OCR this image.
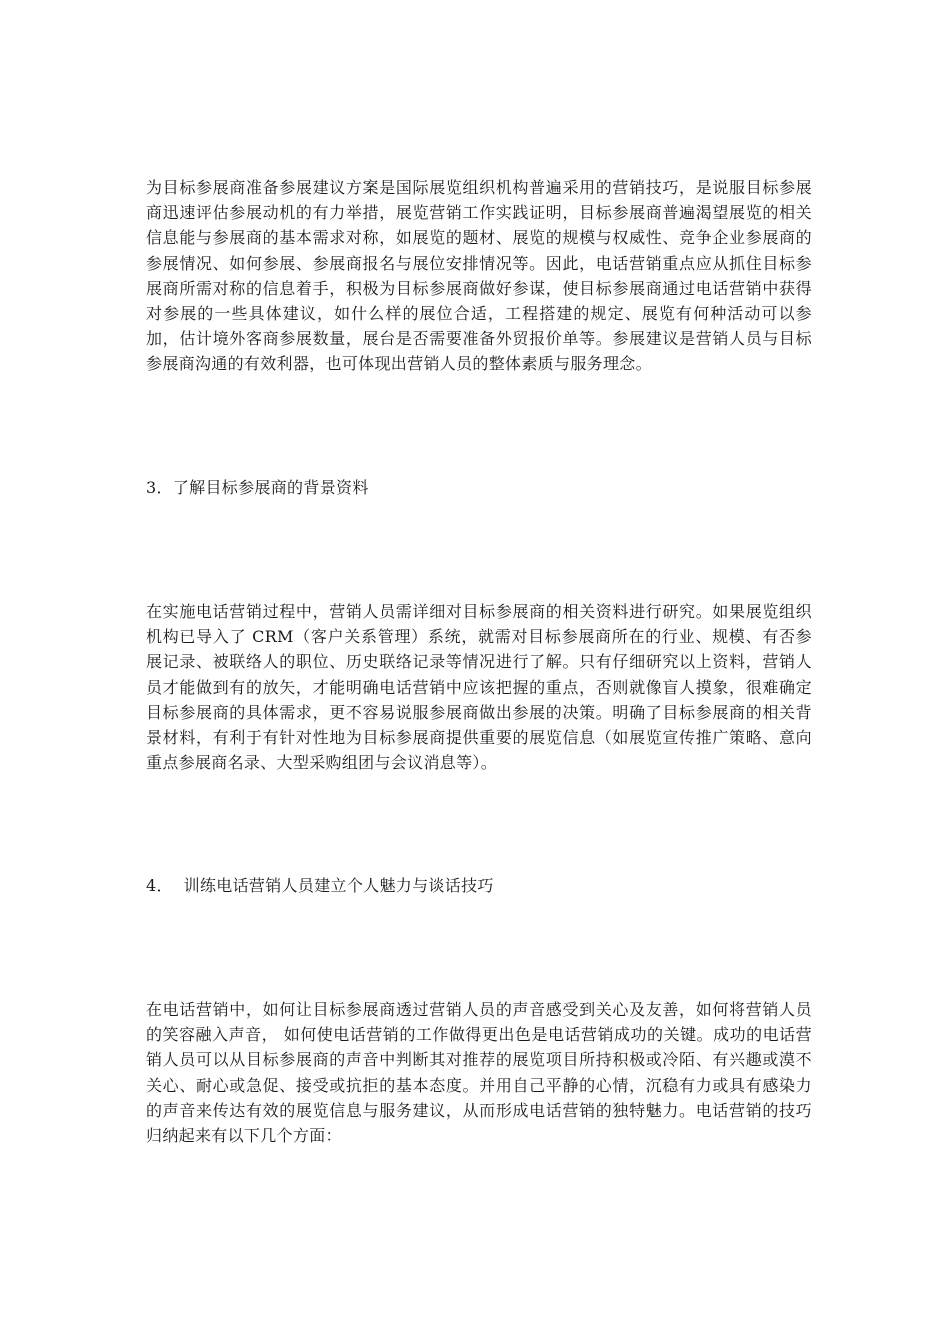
为目标参展商准备参展建议方案是国际展览组织机构普遍采用的营销技巧，是说服目标参展商迅速评估参展动机的有力举措，展览营销工作实践证明，目标参展商普遍渴望展览的相关信息能与参展商的基本需求对称，如展览的题材、展览的规模与权威性、竞争企业参展商的参展情况、如何参展、参展商报名与展位安排情况等。因此，电话营销重点应从抓住目标参展商所需对称的信息着手，积极为目标参展商做好参谋，使目标参展商通过电话营销中获得对参展的一些具体建议，如什么样的展位合适，工程搭建的规定、展览有何种活动可以参加，估计境外客商参展数量，展台是否需要准备外贸报价单等。参展建议是营销人员与目标参展商沟通的有效利器，也可体现出营销人员的整体素质与服务理念。

3．了解目标参展商的背景资料

在实施电话营销过程中，营销人员需详细对目标参展商的相关资料进行研究。如果展览组织机构已导入了 CRM（客户关系管理）系统，就需对目标参展商所在的行业、规模、有否参展记录、被联络人的职位、历史联络记录等情况进行了解。只有仔细研究以上资料，营销人员才能做到有的放矢，才能明确电话营销中应该把握的重点，否则就像盲人摸象，很难确定目标参展商的具体需求，更不容易说服参展商做出参展的决策。明确了目标参展商的相关背景材料，有利于有针对性地为目标参展商提供重要的展览信息（如展览宣传推广策略、意向重点参展商名录、大型采购组团与会议消息等）。

4．  训练电话营销人员建立个人魅力与谈话技巧

在电话营销中，如何让目标参展商透过营销人员的声音感受到关心及友善，如何将营销人员的笑容融入声音， 如何使电话营销的工作做得更出色是电话营销成功的关键。成功的电话营销人员可以从目标参展商的声音中判断其对推荐的展览项目所持积极或冷陌、有兴趣或漠不关心、耐心或急促、接受或抗拒的基本态度。并用自己平静的心情，沉稳有力或具有感染力的声音来传达有效的展览信息与服务建议，从而形成电话营销的独特魅力。电话营销的技巧归纳起来有以下几个方面：
